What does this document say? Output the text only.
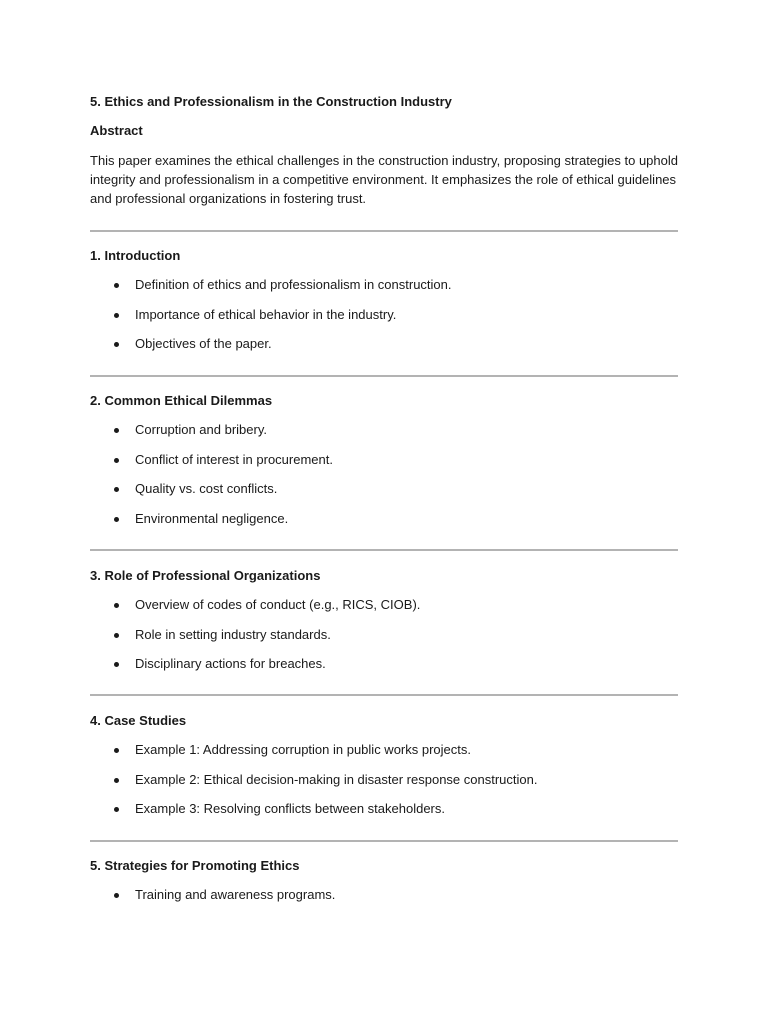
5. Ethics and Professionalism in the Construction Industry
Abstract
This paper examines the ethical challenges in the construction industry, proposing strategies to uphold integrity and professionalism in a competitive environment. It emphasizes the role of ethical guidelines and professional organizations in fostering trust.
1. Introduction
Definition of ethics and professionalism in construction.
Importance of ethical behavior in the industry.
Objectives of the paper.
2. Common Ethical Dilemmas
Corruption and bribery.
Conflict of interest in procurement.
Quality vs. cost conflicts.
Environmental negligence.
3. Role of Professional Organizations
Overview of codes of conduct (e.g., RICS, CIOB).
Role in setting industry standards.
Disciplinary actions for breaches.
4. Case Studies
Example 1: Addressing corruption in public works projects.
Example 2: Ethical decision-making in disaster response construction.
Example 3: Resolving conflicts between stakeholders.
5. Strategies for Promoting Ethics
Training and awareness programs.
